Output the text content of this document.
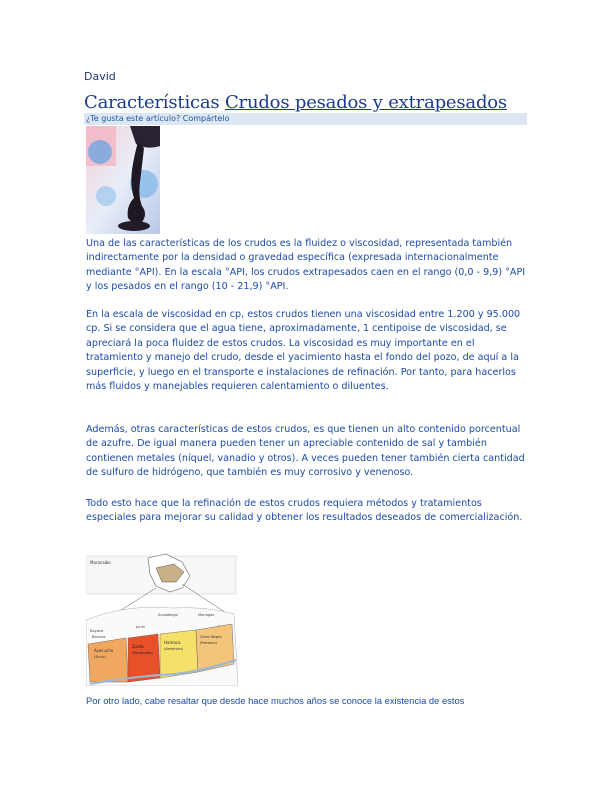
David
Características Crudos pesados y extrapesados
¿Te gusta este artículo? Compártelo
Una de las características de los crudos es la fluidez o viscosidad, representada también indirectamente por la densidad o gravedad específica (expresada internacionalmente mediante °API). En la escala °API, los crudos extrapesados caen en el rango (0,0 - 9,9) °API y los pesados en el rango (10 - 21,9) °API.
En la escala de viscosidad en cp, estos crudos tienen una viscosidad entre 1.200 y 95.000 cp. Si se considera que el agua tiene, aproximadamente, 1 centipoise de viscosidad, se apreciará la poca fluidez de estos crudos. La viscosidad es muy importante en el tratamiento y manejo del crudo, desde el yacimiento hasta el fondo del pozo, de aquí a la superficie, y luego en el transporte e instalaciones de refinación. Por tanto, para hacerlos más fluidos y manejables requieren calentamiento o diluentes.
Además, otras características de estos crudos, es que tienen un alto contenido porcentual de azufre. De igual manera pueden tener un apreciable contenido de sal y también contienen metales (níquel, vanadio y otros). A veces pueden tener también cierta cantidad de sulfuro de hidrógeno, que también es muy corrosivo y venenoso.
Todo esto hace que la refinación de estos crudos requiera métodos y tratamientos especiales para mejorar su calidad y obtener los resultados deseados de comercialización.
Maracaibo
Barinas
Anzoátegui	Monagas
Boyacá
Junín
Ayacucho
(Sinco)
Zuata
(Petrozuata)
Hamaca
(Ameriven)
Cerro Negro
(Petrolera)
Por otro lado, cabe resaltar que desde hace muchos años se conoce la existencia de estos
